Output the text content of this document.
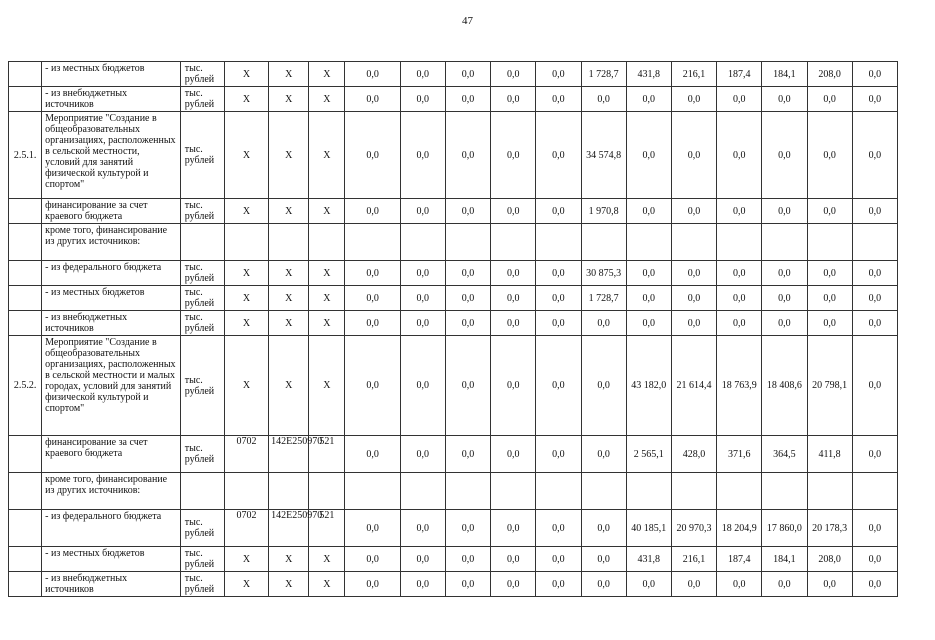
47
	- из местных бюджетов	тыс. рублей	X	X	X	0,0	0,0	0,0	0,0	0,0	1 728,7	431,8	216,1	187,4	184,1	208,0	0,0
	- из внебюджетных источников	тыс. рублей	X	X	X	0,0	0,0	0,0	0,0	0,0	0,0	0,0	0,0	0,0	0,0	0,0	0,0
2.5.1.	Мероприятие "Создание в общеобразовательных организациях, расположенных в сельской местности, условий для занятий физической культурой и спортом"	тыс. рублей	X	X	X	0,0	0,0	0,0	0,0	0,0	34 574,8	0,0	0,0	0,0	0,0	0,0	0,0
	финансирование за счет краевого бюджета	тыс. рублей	X	X	X	0,0	0,0	0,0	0,0	0,0	1 970,8	0,0	0,0	0,0	0,0	0,0	0,0
	кроме того, финансирование из других источников:																
	- из федерального бюджета	тыс. рублей	X	X	X	0,0	0,0	0,0	0,0	0,0	30 875,3	0,0	0,0	0,0	0,0	0,0	0,0
	- из местных бюджетов	тыс. рублей	X	X	X	0,0	0,0	0,0	0,0	0,0	1 728,7	0,0	0,0	0,0	0,0	0,0	0,0
	- из внебюджетных источников	тыс. рублей	X	X	X	0,0	0,0	0,0	0,0	0,0	0,0	0,0	0,0	0,0	0,0	0,0	0,0
2.5.2.	Мероприятие "Создание в общеобразовательных организациях, расположенных в сельской местности и малых городах, условий для занятий физической культурой и спортом"	тыс. рублей	X	X	X	0,0	0,0	0,0	0,0	0,0	0,0	43 182,0	21 614,4	18 763,9	18 408,6	20 798,1	0,0
	финансирование за счет краевого бюджета	тыс. рублей	0702	142E250970	521	0,0	0,0	0,0	0,0	0,0	0,0	2 565,1	428,0	371,6	364,5	411,8	0,0
	кроме того, финансирование из других источников:																
	- из федерального бюджета	тыс. рублей	0702	142E250970	521	0,0	0,0	0,0	0,0	0,0	0,0	40 185,1	20 970,3	18 204,9	17 860,0	20 178,3	0,0
	- из местных бюджетов	тыс. рублей	X	X	X	0,0	0,0	0,0	0,0	0,0	0,0	431,8	216,1	187,4	184,1	208,0	0,0
	- из внебюджетных источников	тыс. рублей	X	X	X	0,0	0,0	0,0	0,0	0,0	0,0	0,0	0,0	0,0	0,0	0,0	0,0
